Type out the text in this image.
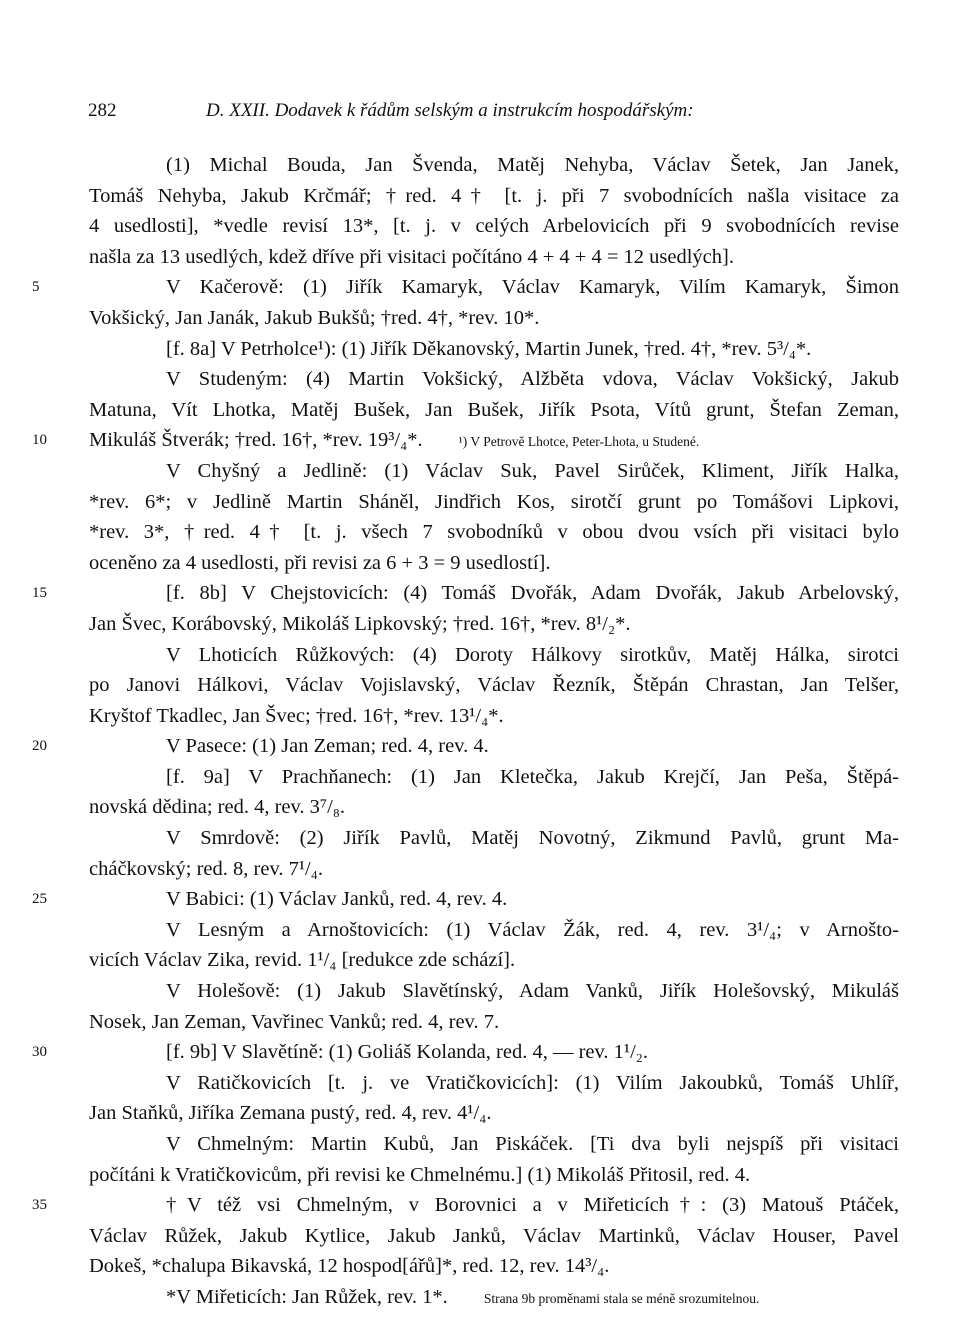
282	D. XXII. Dodavek k řádům selským a instrukcím hospodářským:
(1) Michal Bouda, Jan Švenda, Matěj Nehyba, Václav Šetek, Jan Janek,
Tomáš Nehyba, Jakub Krčmář; †red. 4† [t. j. při 7 svobodnících našla visitace za
4 usedlosti], *vedle revisí 13*, [t. j. v celých Arbelovicích při 9 svobodnících revise
našla za 13 usedlých, kdež dříve při visitaci počítáno 4 + 4 + 4 = 12 usedlých].
5	V Kačerově: (1) Jiřík Kamaryk, Václav Kamaryk, Vilím Kamaryk, Šimon
Vokšický, Jan Janák, Jakub Bukšů; †red. 4†, *rev. 10*.
[f. 8a] V Petrholce¹): (1) Jiřík Děkanovský, Martin Junek, †red. 4†, *rev. 5³/₄*.
V Studeným: (4) Martin Vokšický, Alžběta vdova, Václav Vokšický, Jakub
Matuna, Vít Lhotka, Matěj Bušek, Jan Bušek, Jiřík Psota, Vítů grunt, Štefan Zeman,
10	Mikuláš Štverák; †red. 16†, *rev. 19³/₄*.	¹) V Petrově Lhotce, Peter-Lhota, u Studené.
V Chyšný a Jedlině: (1) Václav Suk, Pavel Sirůček, Kliment, Jiřík Halka,
*rev. 6*; v Jedlině Martin Sháněl, Jindřich Kos, sirotčí grunt po Tomášovi Lipkovi,
*rev. 3*, †red. 4† [t. j. všech 7 svobodníků v obou dvou vsích při visitaci bylo
oceněno za 4 usedlosti, při revisi za 6 + 3 = 9 usedlostí].
15	[f. 8b] V Chejstovicích: (4) Tomáš Dvořák, Adam Dvořák, Jakub Arbelovský,
Jan Švec, Korábovský, Mikoláš Lipkovský; †red. 16†, *rev. 8¹/₂*.
V Lhoticích Růžkových: (4) Doroty Hálkovy sirotkův, Matěj Hálka, sirotci
po Janovi Hálkovi, Václav Vojislavský, Václav Řezník, Štěpán Chrastan, Jan Telšer,
Kryštof Tkadlec, Jan Švec; †red. 16†, *rev. 13¹/₄*.
20	V Pasece: (1) Jan Zeman; red. 4, rev. 4.
[f. 9a] V Prachňanech: (1) Jan Kletečka, Jakub Krejčí, Jan Peša, Štěpá-
novská dědina; red. 4, rev. 3⁷/₈.
V Smrdově: (2) Jiřík Pavlů, Matěj Novotný, Zikmund Pavlů, grunt Ma-
cháčkovský; red. 8, rev. 7¹/₄.
25	V Babici: (1) Václav Janků, red. 4, rev. 4.
V Lesným a Arnoštovicích: (1) Václav Žák, red. 4, rev. 3¹/₄; v Arnošto-
vicích Václav Zika, revid. 1¹/₄ [redukce zde schází].
V Holešově: (1) Jakub Slavětínský, Adam Vanků, Jiřík Holešovský, Mikuláš
Nosek, Jan Zeman, Vavřinec Vanků; red. 4, rev. 7.
30	[f. 9b] V Slavětíně: (1) Goliáš Kolanda, red. 4, — rev. 1¹/₂.
V Ratičkovicích [t. j. ve Vratičkovicích]: (1) Vilím Jakoubků, Tomáš Uhlíř,
Jan Staňků, Jiříka Zemana pustý, red. 4, rev. 4¹/₄.
V Chmelným: Martin Kubů, Jan Piskáček. [Ti dva byli nejspíš při visitaci
počítáni k Vratičkovicům, při revisi ke Chmelnému.] (1) Mikoláš Přitosil, red. 4.
35	†V též vsi Chmelným, v Borovnici a v Miřeticích†: (3) Matouš Ptáček,
Václav Růžek, Jakub Kytlice, Jakub Janků, Václav Martinků, Václav Houser, Pavel
Dokeš, *chalupa Bikavská, 12 hospod[ářů]*, red. 12, rev. 14³/₄.
*V Miřeticích: Jan Růžek, rev. 1*.	Strana 9b proměnami stala se méně srozumitelnou.
